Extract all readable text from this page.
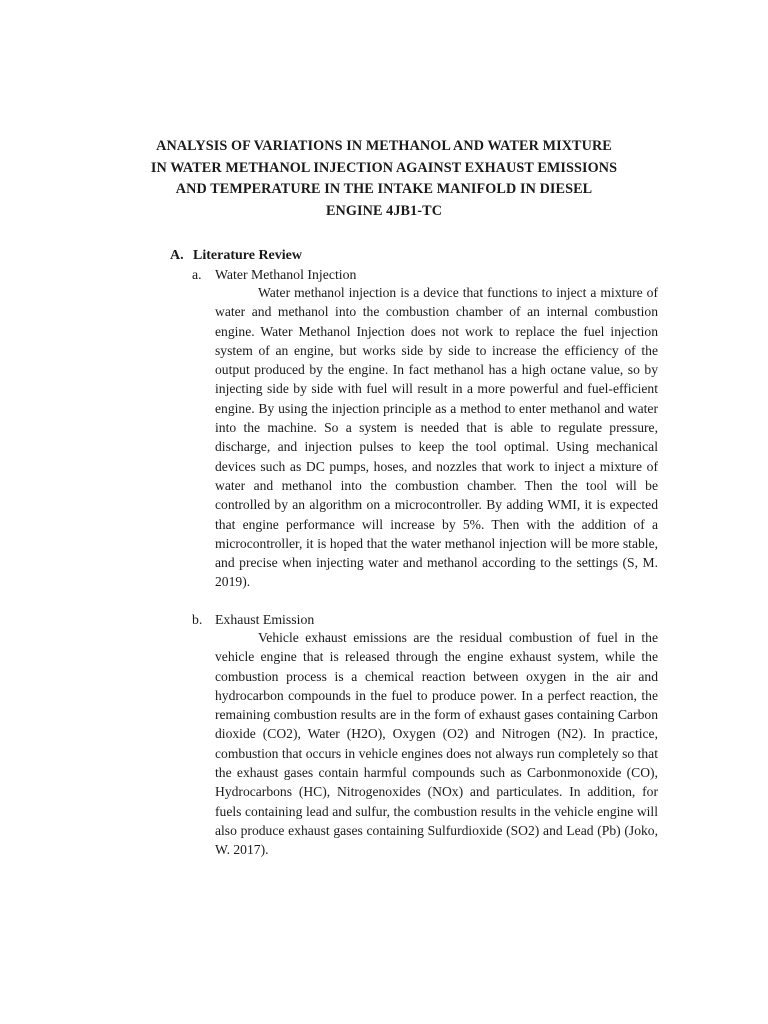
ANALYSIS OF VARIATIONS IN METHANOL AND WATER MIXTURE
IN WATER METHANOL INJECTION AGAINST EXHAUST EMISSIONS
AND TEMPERATURE IN THE INTAKE MANIFOLD IN DIESEL
ENGINE 4JB1-TC
A. Literature Review
a. Water Methanol Injection

Water methanol injection is a device that functions to inject a mixture of water and methanol into the combustion chamber of an internal combustion engine. Water Methanol Injection does not work to replace the fuel injection system of an engine, but works side by side to increase the efficiency of the output produced by the engine. In fact methanol has a high octane value, so by injecting side by side with fuel will result in a more powerful and fuel-efficient engine. By using the injection principle as a method to enter methanol and water into the machine. So a system is needed that is able to regulate pressure, discharge, and injection pulses to keep the tool optimal. Using mechanical devices such as DC pumps, hoses, and nozzles that work to inject a mixture of water and methanol into the combustion chamber. Then the tool will be controlled by an algorithm on a microcontroller. By adding WMI, it is expected that engine performance will increase by 5%. Then with the addition of a microcontroller, it is hoped that the water methanol injection will be more stable, and precise when injecting water and methanol according to the settings (S, M. 2019).

b. Exhaust Emission

Vehicle exhaust emissions are the residual combustion of fuel in the vehicle engine that is released through the engine exhaust system, while the combustion process is a chemical reaction between oxygen in the air and hydrocarbon compounds in the fuel to produce power. In a perfect reaction, the remaining combustion results are in the form of exhaust gases containing Carbon dioxide (CO2), Water (H2O), Oxygen (O2) and Nitrogen (N2). In practice, combustion that occurs in vehicle engines does not always run completely so that the exhaust gases contain harmful compounds such as Carbonmonoxide (CO), Hydrocarbons (HC), Nitrogenoxides (NOx) and particulates. In addition, for fuels containing lead and sulfur, the combustion results in the vehicle engine will also produce exhaust gases containing Sulfurdioxide (SO2) and Lead (Pb) (Joko, W. 2017).
